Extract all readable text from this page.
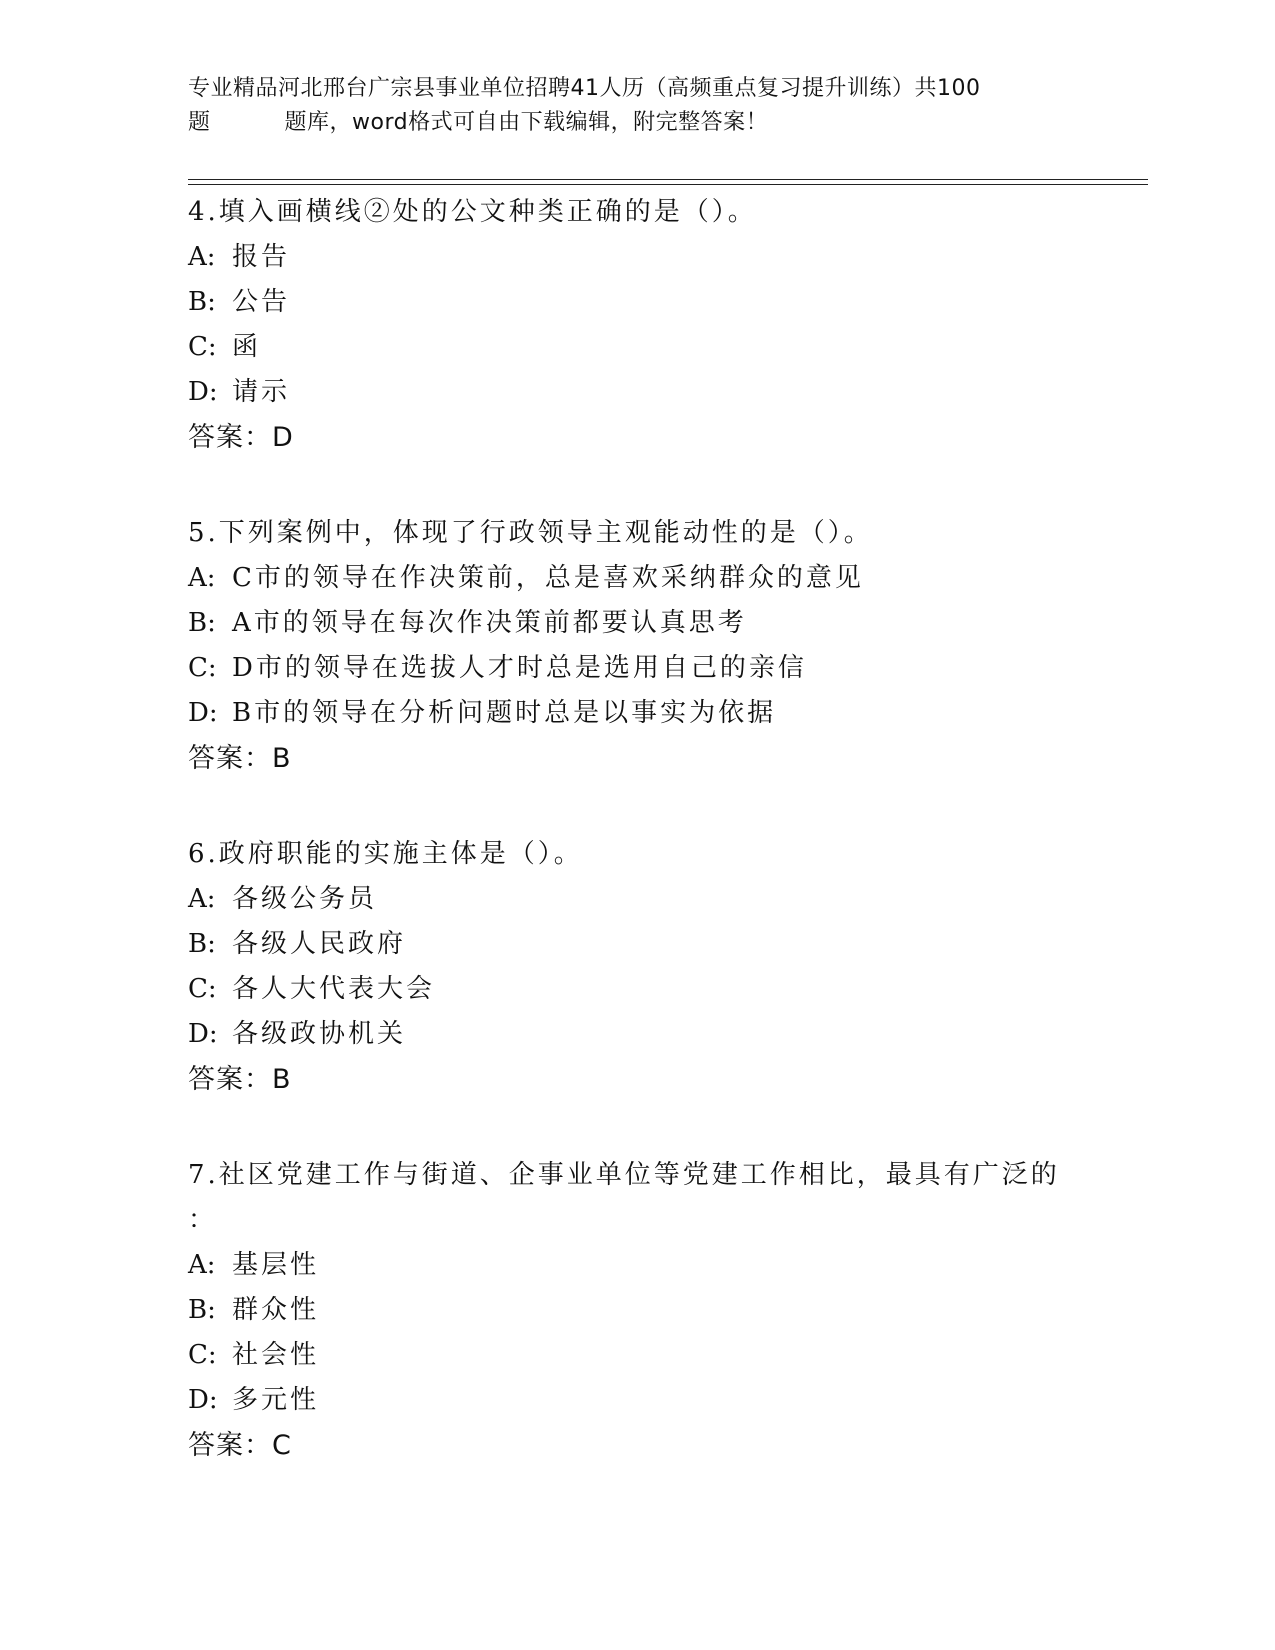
专业精品河北邢台广宗县事业单位招聘41人历（高频重点复习提升训练）共100
题	题库，word格式可自由下载编辑，附完整答案！
4.填入画横线②处的公文种类正确的是（）。
A: 报告
B: 公告
C: 函
D: 请示
答案：D
5.下列案例中，体现了行政领导主观能动性的是（）。
A: C市的领导在作决策前，总是喜欢采纳群众的意见
B: A市的领导在每次作决策前都要认真思考
C: D市的领导在选拔人才时总是选用自己的亲信
D: B市的领导在分析问题时总是以事实为依据
答案：B
6.政府职能的实施主体是（）。
A: 各级公务员
B: 各级人民政府
C: 各人大代表大会
D: 各级政协机关
答案：B
7.社区党建工作与街道、企事业单位等党建工作相比，最具有广泛的
：
A: 基层性
B: 群众性
C: 社会性
D: 多元性
答案：C
